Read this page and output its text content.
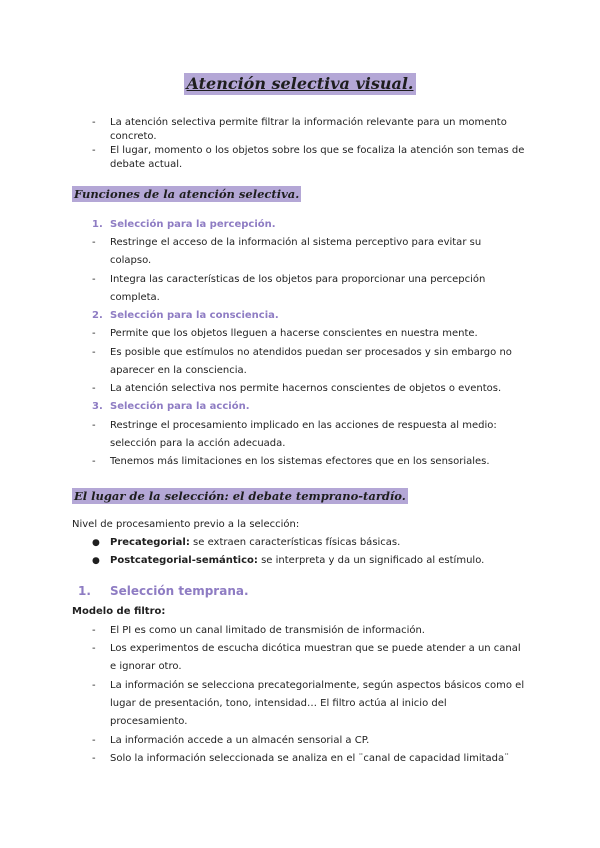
Atención selectiva visual.
- La atención selectiva permite filtrar la información relevante para un momento
concreto.
- El lugar, momento o los objetos sobre los que se focaliza la atención son temas de
debate actual.
Funciones de la atención selectiva.
1. Selección para la percepción.
- Restringe el acceso de la información al sistema perceptivo para evitar su
colapso.
- Integra las características de los objetos para proporcionar una percepción
completa.
2. Selección para la consciencia.
- Permite que los objetos lleguen a hacerse conscientes en nuestra mente.
- Es posible que estímulos no atendidos puedan ser procesados y sin embargo no
aparecer en la consciencia.
- La atención selectiva nos permite hacernos conscientes de objetos o eventos.
3. Selección para la acción.
- Restringe el procesamiento implicado en las acciones de respuesta al medio:
selección para la acción adecuada.
- Tenemos más limitaciones en los sistemas efectores que en los sensoriales.
El lugar de la selección: el debate temprano-tardío.
Nivel de procesamiento previo a la selección:
● Precategorial: se extraen características físicas básicas.
● Postcategorial-semántico: se interpreta y da un significado al estímulo.
1. Selección temprana.
Modelo de filtro:
- El PI es como un canal limitado de transmisión de información.
- Los experimentos de escucha dicótica muestran que se puede atender a un canal
e ignorar otro.
- La información se selecciona precategorialmente, según aspectos básicos como el
lugar de presentación, tono, intensidad… El filtro actúa al inicio del
procesamiento.
- La información accede a un almacén sensorial a CP.
- Solo la información seleccionada se analiza en el ¨canal de capacidad limitada¨
